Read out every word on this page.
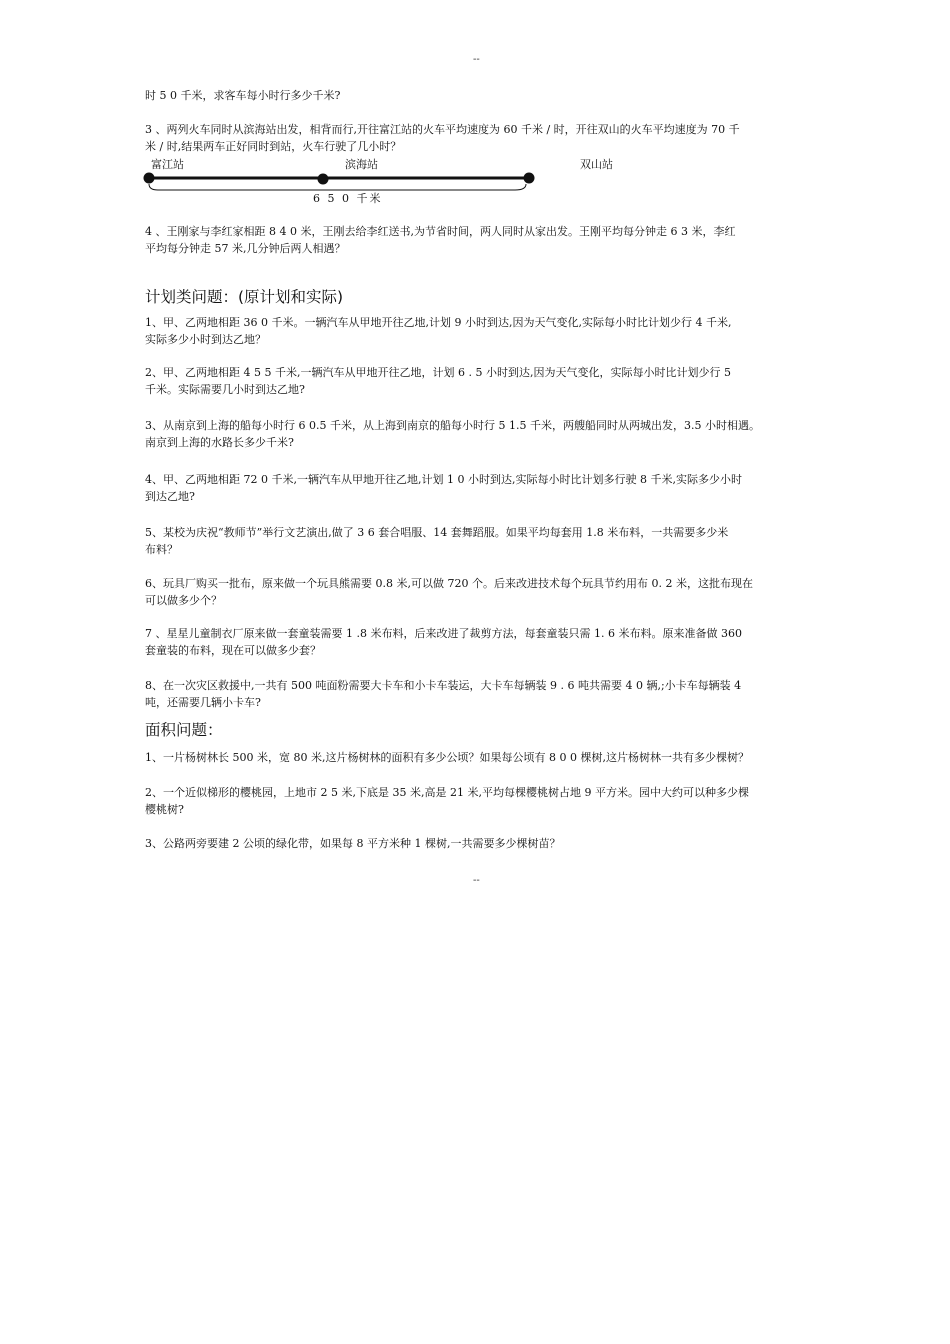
--
时 5 0 千米，求客车每小时行多少千米?
3 、两列火车同时从滨海站出发，相背而行,开往富江站的火车平均速度为 60 千米 / 时，开往双山的火车平均速度为 70 千
米 / 时,结果两车正好同时到站，火车行驶了几小时？
富江站	滨海站	双山站
6 5 0 千米
4 、王刚家与李红家相距 8 4 0 米，王刚去给李红送书,为节省时间，两人同时从家出发。王刚平均每分钟走 6 3 米，李红
平均每分钟走 57 米,几分钟后两人相遇？
计划类问题：(原计划和实际)
1、甲、乙两地相距 36 0 千米。一辆汽车从甲地开往乙地,计划 9 小时到达,因为天气变化,实际每小时比计划少行 4 千米,
实际多少小时到达乙地？
2、甲、乙两地相距 4 5 5 千米,一辆汽车从甲地开往乙地，计划 6 . 5 小时到达,因为天气变化，实际每小时比计划少行 5
千米。实际需要几小时到达乙地?
3、从南京到上海的船每小时行 6 0.5 千米，从上海到南京的船每小时行 5 1.5 千米，两艘船同时从两城出发，3.5 小时相遇。
南京到上海的水路长多少千米?
4、甲、乙两地相距 72 0 千米,一辆汽车从甲地开往乙地,计划 1 0 小时到达,实际每小时比计划多行驶 8 千米,实际多少小时
到达乙地?
5、某校为庆祝“教师节”举行文艺演出,做了 3 6 套合唱服、14 套舞蹈服。如果平均每套用 1.8 米布料，一共需要多少米
布料？
6、玩具厂购买一批布，原来做一个玩具熊需要 0.8 米,可以做 720 个。后来改进技术每个玩具节约用布 0. 2 米，这批布现在
可以做多少个？
7 、星星儿童制衣厂原来做一套童装需要 1 .8 米布料，后来改进了裁剪方法，每套童装只需 1. 6 米布料。原来准备做 360
套童装的布料，现在可以做多少套？
8、在一次灾区救援中,一共有 500 吨面粉需要大卡车和小卡车装运，大卡车每辆装 9 . 6 吨共需要 4 0 辆,;小卡车每辆装 4
吨，还需要几辆小卡车?
面积问题：
1、一片杨树林长 500 米，宽 80 米,这片杨树林的面积有多少公顷？如果每公顷有 8 0 0 棵树,这片杨树林一共有多少棵树？
2、一个近似梯形的樱桃园，上地市 2 5 米,下底是 35 米,高是 21 米,平均每棵樱桃树占地 9 平方米。园中大约可以种多少棵
樱桃树?
3、公路两旁要建 2 公顷的绿化带，如果每 8 平方米种 1 棵树,一共需要多少棵树苗？
--
